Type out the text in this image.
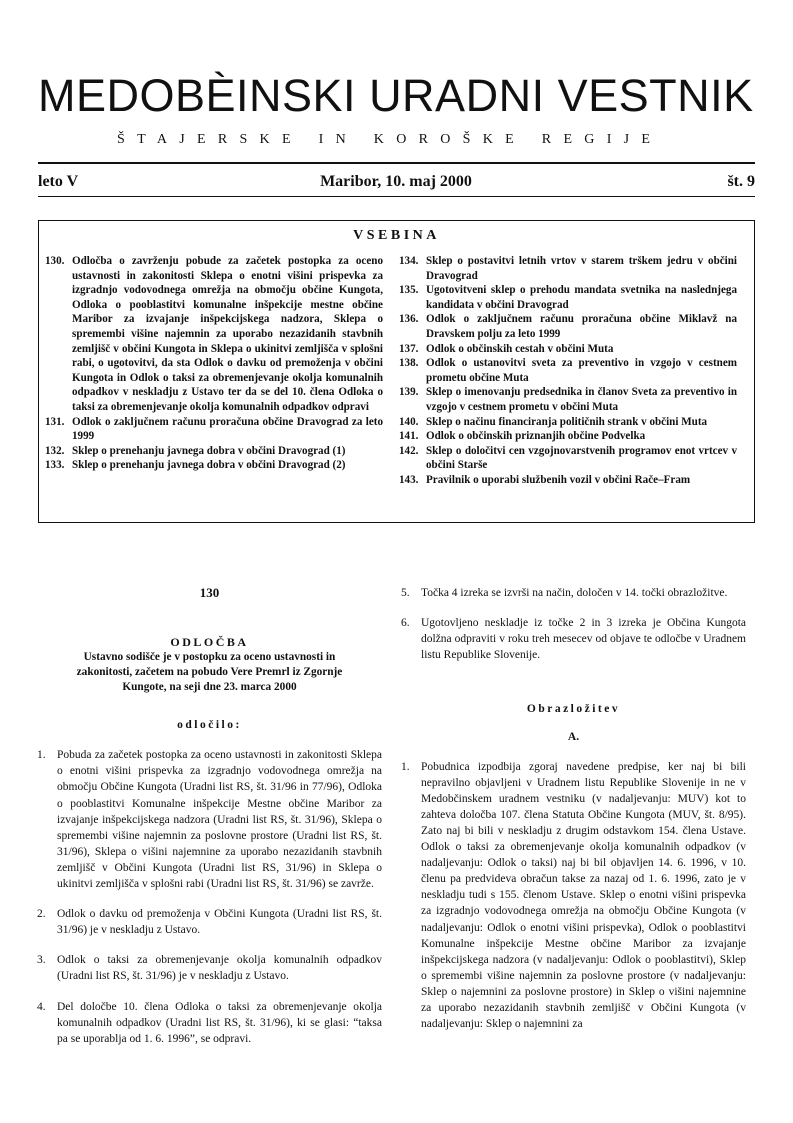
MEDOBÈINSKI URADNI VESTNIK
ŠTAJERSKE IN KOROŠKE REGIJE
leto V	Maribor, 10. maj 2000	št. 9
VSEBINA
130. Odločba o zavrženju pobude za začetek postopka za oceno ustavnosti in zakonitosti Sklepa o enotni višini prispevka za izgradnjo vodovodnega omrežja na območju občine Kungota, Odloka o pooblastitvi komunalne inšpekcije mestne občine Maribor za izvajanje inšpekcijskega nadzora, Sklepa o spremembi višine najemnin za uporabo nezazidanih stavbnih zemljišč v občini Kungota in Sklepa o ukinitvi zemljišča v splošni rabi, o ugotovitvi, da sta Odlok o davku od premoženja v občini Kungota in Odlok o taksi za obremenjevanje okolja komunalnih odpadkov v neskladju z Ustavo ter da se del 10. člena Odloka o taksi za obremenjevanje okolja komunalnih odpadkov odpravi
131. Odlok o zaključnem računu proračuna občine Dravograd za leto 1999
132. Sklep o prenehanju javnega dobra v občini Dravograd (1)
133. Sklep o prenehanju javnega dobra v občini Dravograd (2)
134. Sklep o postavitvi letnih vrtov v starem trškem jedru v občini Dravograd
135. Ugotovitveni sklep o prehodu mandata svetnika na naslednjega kandidata v občini Dravograd
136. Odlok o zaključnem računu proračuna občine Miklavž na Dravskem polju za leto 1999
137. Odlok o občinskih cestah v občini Muta
138. Odlok o ustanovitvi sveta za preventivo in vzgojo v cestnem prometu občine Muta
139. Sklep o imenovanju predsednika in članov Sveta za preventivo in vzgojo v cestnem prometu v občini Muta
140. Sklep o načinu financiranja političnih strank v občini Muta
141. Odlok o občinskih priznanjih občine Podvelka
142. Sklep o določitvi cen vzgojnovarstvenih programov enot vrtcev v občini Starše
143. Pravilnik o uporabi službenih vozil v občini Rače–Fram
130
ODLOČBA
Ustavno sodišče je v postopku za oceno ustavnosti in zakonitosti, začetem na pobudo Vere Premrl iz Zgornje Kungote, na seji dne 23. marca 2000
odločilo:
1. Pobuda za začetek postopka za oceno ustavnosti in zakonitosti Sklepa o enotni višini prispevka za izgradnjo vodovodnega omrežja na območju Občine Kungota (Uradni list RS, št. 31/96 in 77/96), Odloka o pooblastitvi Komunalne inšpekcije Mestne občine Maribor za izvajanje inšpekcijskega nadzora (Uradni list RS, št. 31/96), Sklepa o spremembi višine najemnin za poslovne prostore (Uradni list RS, št. 31/96), Sklepa o višini najemnine za uporabo nezazidanih stavbnih zemljišč v Občini Kungota (Uradni list RS, 31/96) in Sklepa o ukinitvi zemljišča v splošni rabi (Uradni list RS, št. 31/96) se zavrže.
2. Odlok o davku od premoženja v Občini Kungota (Uradni list RS, št. 31/96) je v neskladju z Ustavo.
3. Odlok o taksi za obremenjevanje okolja komunalnih odpadkov (Uradni list RS, št. 31/96) je v neskladju z Ustavo.
4. Del določbe 10. člena Odloka o taksi za obremenjevanje okolja komunalnih odpadkov (Uradni list RS, št. 31/96), ki se glasi: “taksa pa se uporablja od 1. 6. 1996”, se odpravi.
5. Točka 4 izreka se izvrši na način, določen v 14. točki obrazložitve.
6. Ugotovljeno neskladje iz točke 2 in 3 izreka je Občina Kungota dolžna odpraviti v roku treh mesecev od objave te odločbe v Uradnem listu Republike Slovenije.
Obrazložitev
A.
1. Pobudnica izpodbija zgoraj navedene predpise, ker naj bi bili nepravilno objavljeni v Uradnem listu Republike Slovenije in ne v Medobčinskem uradnem vestniku (v nadaljevanju: MUV) kot to zahteva določba 107. člena Statuta Občine Kungota (MUV, št. 8/95). Zato naj bi bili v neskladju z drugim odstavkom 154. člena Ustave. Odlok o taksi za obremenjevanje okolja komunalnih odpadkov (v nadaljevanju: Odlok o taksi) naj bi bil objavljen 14. 6. 1996, v 10. členu pa predvideva obračun takse za nazaj od 1. 6. 1996, zato je v neskladju tudi s 155. členom Ustave. Sklep o enotni višini prispevka za izgradnjo vodovodnega omrežja na območju Občine Kungota (v nadaljevanju: Odlok o enotni višini prispevka), Odlok o pooblastitvi Komunalne inšpekcije Mestne občine Maribor za izvajanje inšpekcijskega nadzora (v nadaljevanju: Odlok o pooblastitvi), Sklep o spremembi višine najemnin za poslovne prostore (v nadaljevanju: Sklep o najemnini za poslovne prostore) in Sklep o višini najemnine za uporabo nezazidanih stavbnih zemljišč v Občini Kungota (v nadaljevanju: Sklep o najemnini za
